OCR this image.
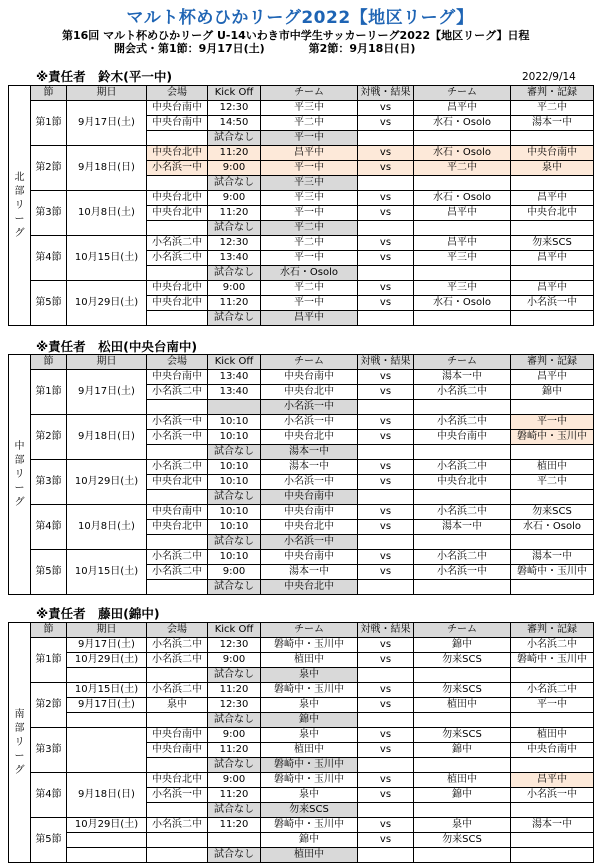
マルト杯めひかリーグ2022【地区リーグ】
第16回 マルト杯めひかリーグ U-14いわき市中学生サッカーリーグ2022【地区リーグ】日程
開会式・第1節：9月17日(土)	第2節：9月18日(日)
2022/9/14
※責任者　鈴木(平一中)
※責任者　松田(中央台南中)
※責任者　藤田(錦中)
北部リーグ	節	期日	会場	Kick Off	チーム	対戦・結果	チーム	審判・記録
	第1節	9月17日(土)	中央台南中	12:30	平三中	vs	昌平中	平二中
			中央台南中	14:50	平二中	vs	水石・Osolo	湯本一中
				試合なし	平一中			
	第2節	9月18日(日)	中央台北中	11:20	昌平中	vs	水石・Osolo	中央台南中
			小名浜一中	9:00	平一中	vs	平二中	泉中
				試合なし	平三中			
	第3節	10月8日(土)	中央台北中	9:00	平三中	vs	水石・Osolo	昌平中
			中央台北中	11:20	平一中	vs	昌平中	中央台北中
				試合なし	平二中			
	第4節	10月15日(土)	小名浜二中	12:30	平二中	vs	昌平中	勿来SCS
			小名浜二中	13:40	平一中	vs	平三中	昌平中
				試合なし	水石・Osolo			
	第5節	10月29日(土)	中央台北中	9:00	平二中	vs	平三中	昌平中
			中央台北中	11:20	平一中	vs	水石・Osolo	小名浜一中
				試合なし	昌平中			
中部リーグ	節	期日	会場	Kick Off	チーム	対戦・結果	チーム	審判・記録
	第1節	9月17日(土)	中央台南中	13:40	中央台南中	vs	湯本一中	昌平中
			小名浜二中	13:40	中央台北中	vs	小名浜二中	錦中
					小名浜一中			
	第2節	9月18日(日)	小名浜一中	10:10	小名浜一中	vs	小名浜二中	平一中
			小名浜一中	10:10	中央台北中	vs	中央台南中	磐崎中・玉川中
				試合なし	湯本一中			
	第3節	10月29日(土)	小名浜二中	10:10	湯本一中	vs	小名浜二中	植田中
			中央台北中	10:10	小名浜一中	vs	中央台北中	平二中
				試合なし	中央台南中			
	第4節	10月8日(土)	中央台南中	10:10	中央台南中	vs	小名浜二中	勿来SCS
			中央台北中	10:10	中央台北中	vs	湯本一中	水石・Osolo
				試合なし	小名浜一中			
	第5節	10月15日(土)	小名浜二中	10:10	中央台南中	vs	小名浜二中	湯本一中
			小名浜二中	9:00	湯本一中	vs	小名浜一中	磐崎中・玉川中
				試合なし	中央台北中			
南部リーグ	節	期日	会場	Kick Off	チーム	対戦・結果	チーム	審判・記録
	第1節	9月17日(土)	小名浜二中	12:30	磐崎中・玉川中	vs	錦中	小名浜二中
		10月29日(土)	小名浜二中	9:00	植田中	vs	勿来SCS	磐崎中・玉川中
				試合なし	泉中			
	第2節	10月15日(土)	小名浜二中	11:20	磐崎中・玉川中	vs	勿来SCS	小名浜二中
		9月17日(土)	泉中	12:30	泉中	vs	植田中	平一中
				試合なし	錦中			
	第3節		中央台南中	9:00	泉中	vs	勿来SCS	植田中
			中央台南中	11:20	植田中	vs	錦中	中央台南中
				試合なし	磐崎中・玉川中			
	第4節	9月18日(日)	中央台北中	9:00	磐崎中・玉川中	vs	植田中	昌平中
			小名浜一中	11:20	泉中	vs	錦中	小名浜一中
				試合なし	勿来SCS			
	第5節	10月29日(土)	小名浜二中	11:20	磐崎中・玉川中	vs	泉中	湯本一中
					錦中	vs	勿来SCS	
				試合なし	植田中			
